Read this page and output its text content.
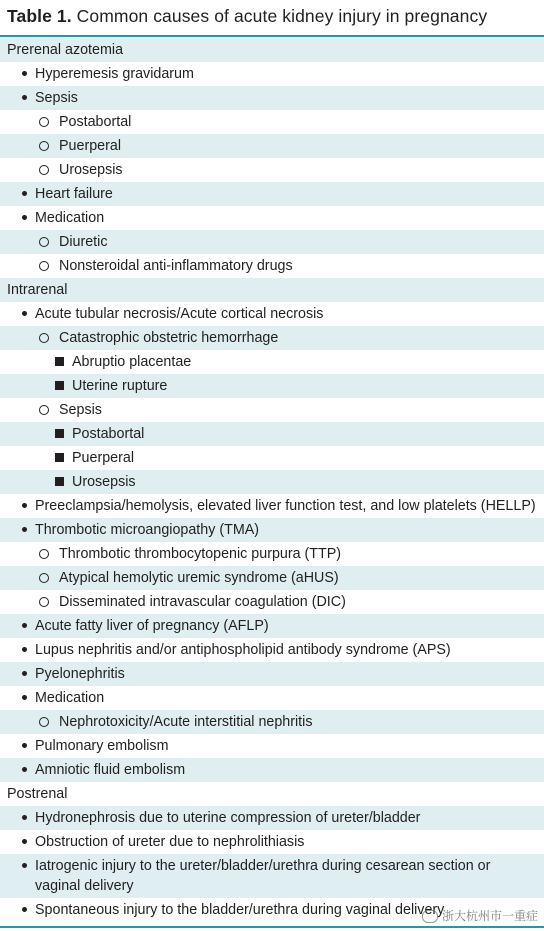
Table 1. Common causes of acute kidney injury in pregnancy
Prerenal azotemia
Hyperemesis gravidarum
Sepsis
Postabortal
Puerperal
Urosepsis
Heart failure
Medication
Diuretic
Nonsteroidal anti-inflammatory drugs
Intrarenal
Acute tubular necrosis/Acute cortical necrosis
Catastrophic obstetric hemorrhage
Abruptio placentae
Uterine rupture
Sepsis
Postabortal
Puerperal
Urosepsis
Preeclampsia/hemolysis, elevated liver function test, and low platelets (HELLP)
Thrombotic microangiopathy (TMA)
Thrombotic thrombocytopenic purpura (TTP)
Atypical hemolytic uremic syndrome (aHUS)
Disseminated intravascular coagulation (DIC)
Acute fatty liver of pregnancy (AFLP)
Lupus nephritis and/or antiphospholipid antibody syndrome (APS)
Pyelonephritis
Medication
Nephrotoxicity/Acute interstitial nephritis
Pulmonary embolism
Amniotic fluid embolism
Postrenal
Hydronephrosis due to uterine compression of ureter/bladder
Obstruction of ureter due to nephrolithiasis
Iatrogenic injury to the ureter/bladder/urethra during cesarean section or vaginal delivery
Spontaneous injury to the bladder/urethra during vaginal delivery
浙大杭州市一重症
